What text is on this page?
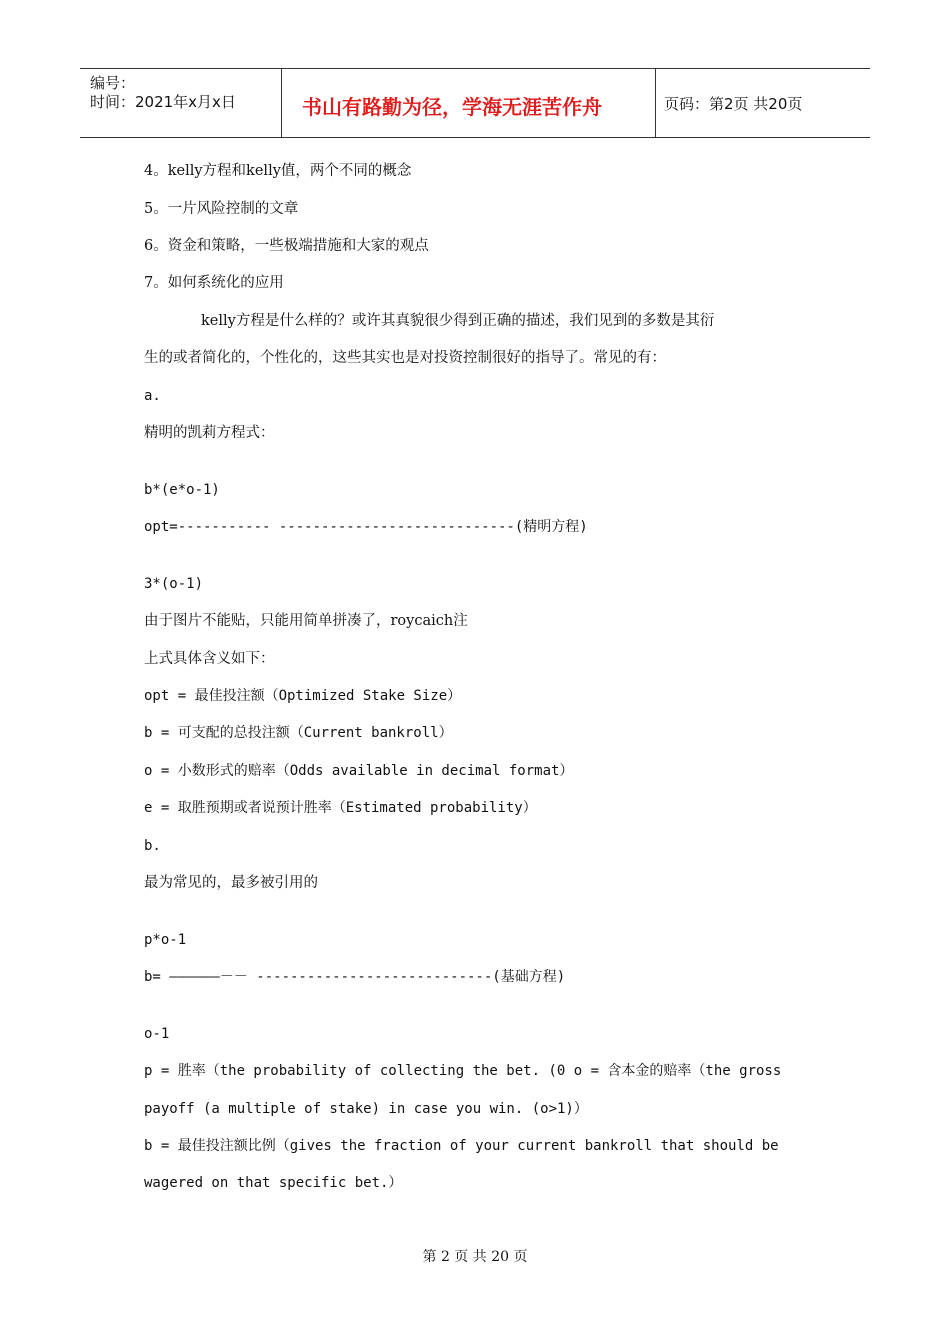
编号：
时间：2021年x月x日	书山有路勤为径，学海无涯苦作舟	页码：第2页 共20页
4。kelly方程和kelly值，两个不同的概念
5。一片风险控制的文章
6。资金和策略，一些极端措施和大家的观点
7。如何系统化的应用
kelly方程是什么样的？或许其真貌很少得到正确的描述，我们见到的多数是其衍
生的或者简化的，个性化的，这些其实也是对投资控制很好的指导了。常见的有：
a.
精明的凯莉方程式：
b*(e*o-1)
opt=----------- ----------------------------(精明方程)
3*(o-1)
由于图片不能贴，只能用简单拼凑了，roycaich注
上式具体含义如下：
opt = 最佳投注额（Optimized Stake Size）
b = 可支配的总投注额（Current bankroll）
o = 小数形式的赔率（Odds available in decimal format）
e = 取胜预期或者说预计胜率（Estimated probability）
b.
最为常见的，最多被引用的
p*o-1
b= ——————－－ ----------------------------(基础方程)
o-1
p = 胜率（the probability of collecting the bet. (0 o = 含本金的赔率（the gross
payoff (a multiple of stake) in case you win. (o>1)）
b = 最佳投注额比例（gives the fraction of your current bankroll that should be
wagered on that specific bet.）
第 2 页 共 20 页
